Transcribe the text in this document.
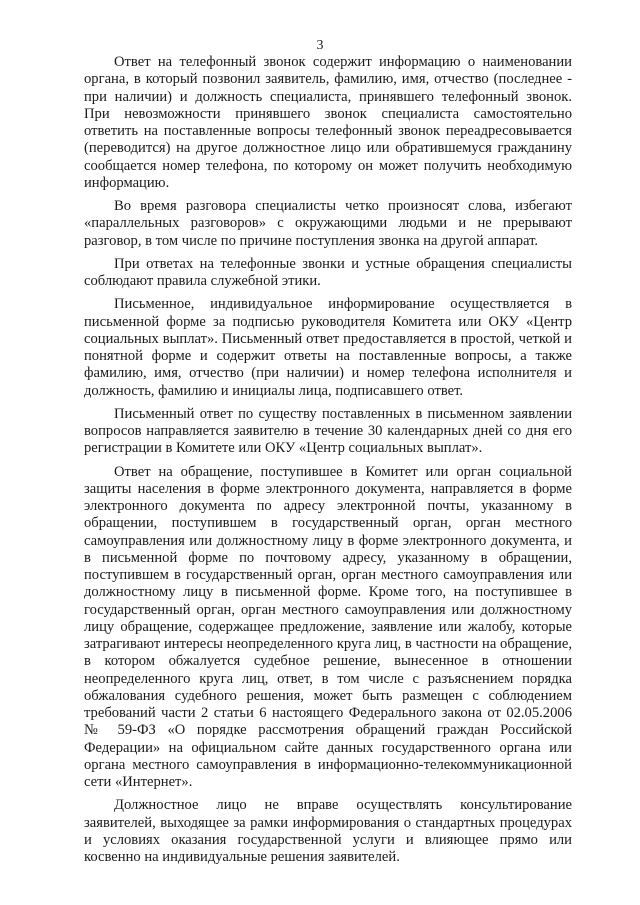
3

Ответ на телефонный звонок содержит информацию о наименовании органа, в который позвонил заявитель, фамилию, имя, отчество (последнее - при наличии) и должность специалиста, принявшего телефонный звонок. При невозможности принявшего звонок специалиста самостоятельно ответить на поставленные вопросы телефонный звонок переадресовывается (переводится) на другое должностное лицо или обратившемуся гражданину сообщается номер телефона, по которому он может получить необходимую информацию.

Во время разговора специалисты четко произносят слова, избегают «параллельных разговоров» с окружающими людьми и не прерывают разговор, в том числе по причине поступления звонка на другой аппарат.

При ответах на телефонные звонки и устные обращения специалисты соблюдают правила служебной этики.

Письменное, индивидуальное информирование осуществляется в письменной форме за подписью руководителя Комитета или ОКУ «Центр социальных выплат». Письменный ответ предоставляется в простой, четкой и понятной форме и содержит ответы на поставленные вопросы, а также фамилию, имя, отчество (при наличии) и номер телефона исполнителя и должность, фамилию и инициалы лица, подписавшего ответ.

Письменный ответ по существу поставленных в письменном заявлении вопросов направляется заявителю в течение 30 календарных дней со дня его регистрации в Комитете или ОКУ «Центр социальных выплат».

Ответ на обращение, поступившее в Комитет или орган социальной защиты населения в форме электронного документа, направляется в форме электронного документа по адресу электронной почты, указанному в обращении, поступившем в государственный орган, орган местного самоуправления или должностному лицу в форме электронного документа, и в письменной форме по почтовому адресу, указанному в обращении, поступившем в государственный орган, орган местного самоуправления или должностному лицу в письменной форме. Кроме того, на поступившее в государственный орган, орган местного самоуправления или должностному лицу обращение, содержащее предложение, заявление или жалобу, которые затрагивают интересы неопределенного круга лиц, в частности на обращение, в котором обжалуется судебное решение, вынесенное в отношении неопределенного круга лиц, ответ, в том числе с разъяснением порядка обжалования судебного решения, может быть размещен с соблюдением требований части 2 статьи 6 настоящего Федерального закона от 02.05.2006 № 59-ФЗ «О порядке рассмотрения обращений граждан Российской Федерации» на официальном сайте данных государственного органа или органа местного самоуправления в информационно-телекоммуникационной сети «Интернет».

Должностное лицо не вправе осуществлять консультирование заявителей, выходящее за рамки информирования о стандартных процедурах и условиях оказания государственной услуги и влияющее прямо или косвенно на индивидуальные решения заявителей.
